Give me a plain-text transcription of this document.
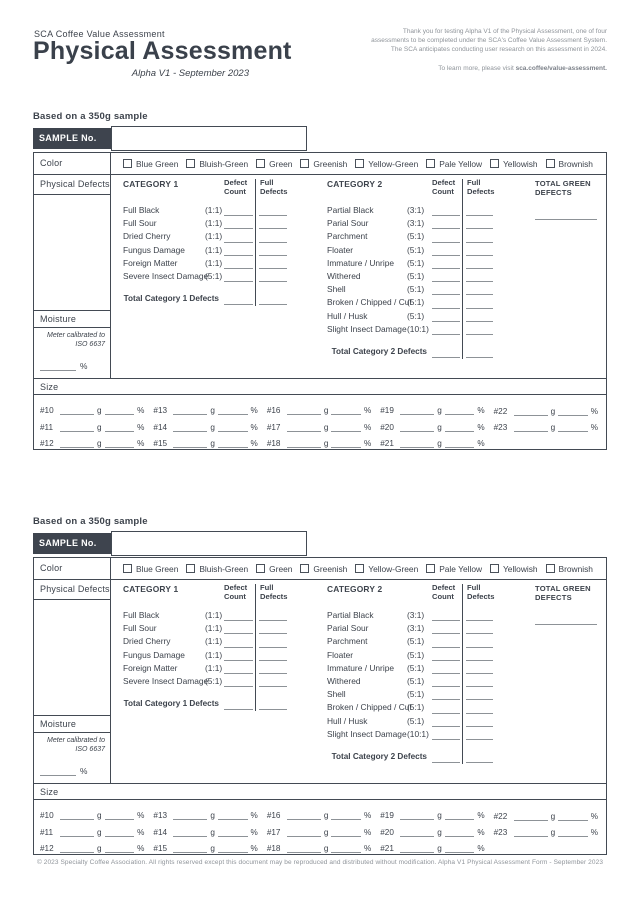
SCA Coffee Value Assessment
Physical Assessment
Alpha V1 - September 2023
Thank you for testing Alpha V1 of the Physical Assessment, one of four assessments to be completed under the SCA's Coffee Value Assessment System. The SCA anticipates conducting user research on this assessment in 2024.
To learn more, please visit sca.coffee/value-assessment.
Based on a 350g sample
SAMPLE No.
Color	Blue Green Bluish-Green Green Greenish Yellow-Green Pale Yellow Yellowish Brownish
Physical Defects
Moisture
Meter calibrated to ISO 6637
%
CATEGORY 1	Defect Count
Full Defects
Full Black	(1:1)
Full Sour	(1:1)
Dried Cherry	(1:1)
Fungus Damage	(1:1)
Foreign Matter	(1:1)
Severe Insect Damage
(5:1)
Total Category 1 Defects
CATEGORY 2	Defect Count
Full Defects
Partial Black	(3:1)
Parial Sour	(3:1)
Parchment	(5:1)
Floater	(5:1)
Immature / Unripe	(5:1)
Withered	(5:1)
Shell	(5:1)
Broken / Chipped / Cut
(5:1)
Hull / Husk	(5:1)
Slight Insect Damage (10:1)
Total Category 2 Defects
TOTAL GREEN DEFECTS
Size
#10	g	%
#11	g	%
#12	g	%
#13	g	%
#14	g	%
#15	g	%
#16	g	%
#17	g	%
#18	g	%
#19	g	%
#20	g	%
#21	g	%
#22	g	%
#23	g	%
Based on a 350g sample
SAMPLE No.
Color	Blue Green Bluish-Green Green Greenish Yellow-Green Pale Yellow Yellowish Brownish
Physical Defects
Moisture
Meter calibrated to ISO 6637
%
CATEGORY 1	Defect Count
Full Defects
Full Black	(1:1)
Full Sour	(1:1)
Dried Cherry	(1:1)
Fungus Damage	(1:1)
Foreign Matter	(1:1)
Severe Insect Damage
(5:1)
Total Category 1 Defects
CATEGORY 2	Defect Count
Full Defects
Partial Black	(3:1)
Parial Sour	(3:1)
Parchment	(5:1)
Floater	(5:1)
Immature / Unripe	(5:1)
Withered	(5:1)
Shell	(5:1)
Broken / Chipped / Cut
(5:1)
Hull / Husk	(5:1)
Slight Insect Damage (10:1)
Total Category 2 Defects
TOTAL GREEN DEFECTS
Size
#10	g	%
#11	g	%
#12	g	%
#13	g	%
#14	g	%
#15	g	%
#16	g	%
#17	g	%
#18	g	%
#19	g	%
#20	g	%
#21	g	%
#22	g	%
#23	g	%
© 2023 Specialty Coffee Association. All rights reserved except this document may be reproduced and distributed without modification. Alpha V1 Physical Assessment Form - September 2023
